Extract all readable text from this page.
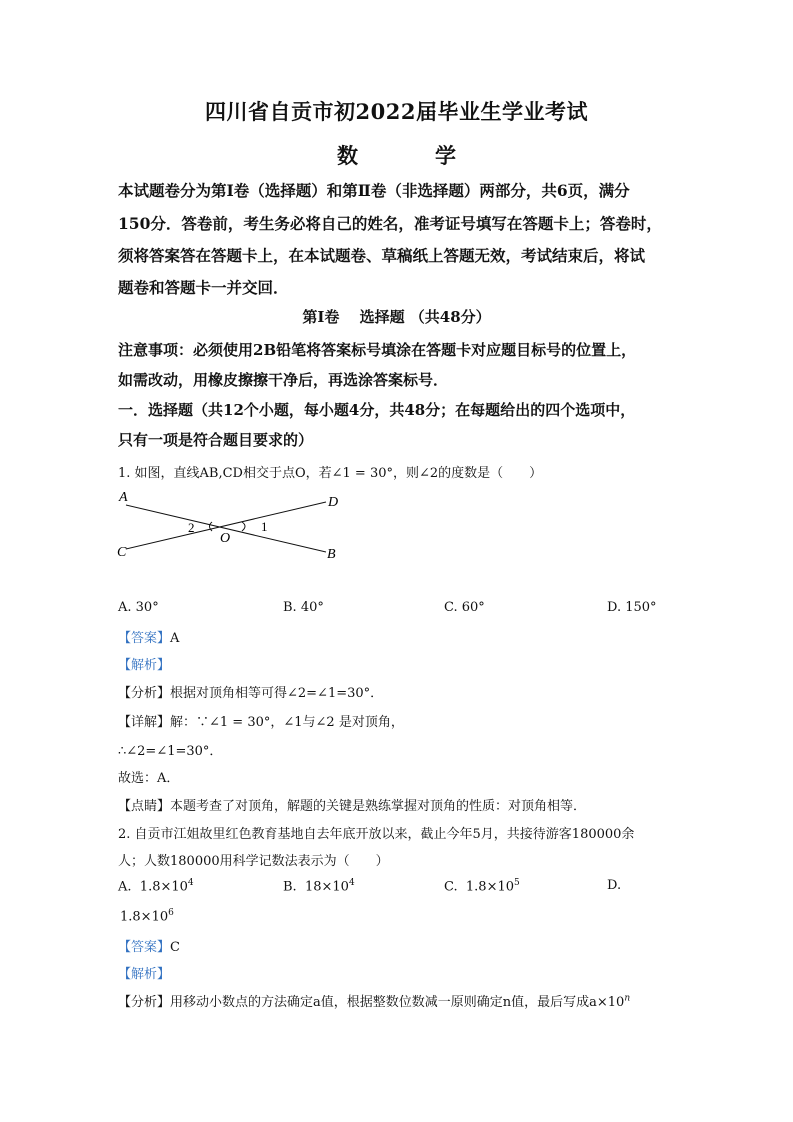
四川省自贡市初2022届毕业生学业考试
数　学
本试题卷分为第Ⅰ卷（选择题）和第Ⅱ卷（非选择题）两部分，共6页，满分
150分．答卷前，考生务必将自己的姓名，准考证号填写在答题卡上；答卷时，
须将答案答在答题卡上，在本试题卷、草稿纸上答题无效，考试结束后，将试
题卷和答题卡一并交回．
第Ⅰ卷　 选择题 （共48分）
注意事项：必须使用2B铅笔将答案标号填涂在答题卡对应题目标号的位置上，
如需改动，用橡皮擦擦干净后，再选涂答案标号．
一．选择题（共12个小题，每小题4分，共48分；在每题给出的四个选项中，
只有一项是符合题目要求的）
1. 如图，直线AB,CD相交于点O，若∠1 = 30°，则∠2的度数是（　　）
A	D
C	B
O
1
2
A. 30°	B. 40°	C. 60°	D. 150°
【答案】A
【解析】
【分析】根据对顶角相等可得∠2=∠1=30°．
【详解】解：∵∠1 = 30°，∠1与∠2 是对顶角，
∴∠2=∠1=30°．
故选：A．
【点睛】本题考查了对顶角，解题的关键是熟练掌握对顶角的性质：对顶角相等．
2. 自贡市江姐故里红色教育基地自去年底开放以来，截止今年5月，共接待游客180000余
人；人数180000用科学记数法表示为（　　）
A. $1.8\times 10^4$	B. $18\times 10^4$	C. $1.8\times 10^5$	D.
$1.8\times 10^6$
【答案】C
【解析】
【分析】用移动小数点的方法确定a值，根据整数位数减一原则确定n值，最后写成$a\times 10^n$
